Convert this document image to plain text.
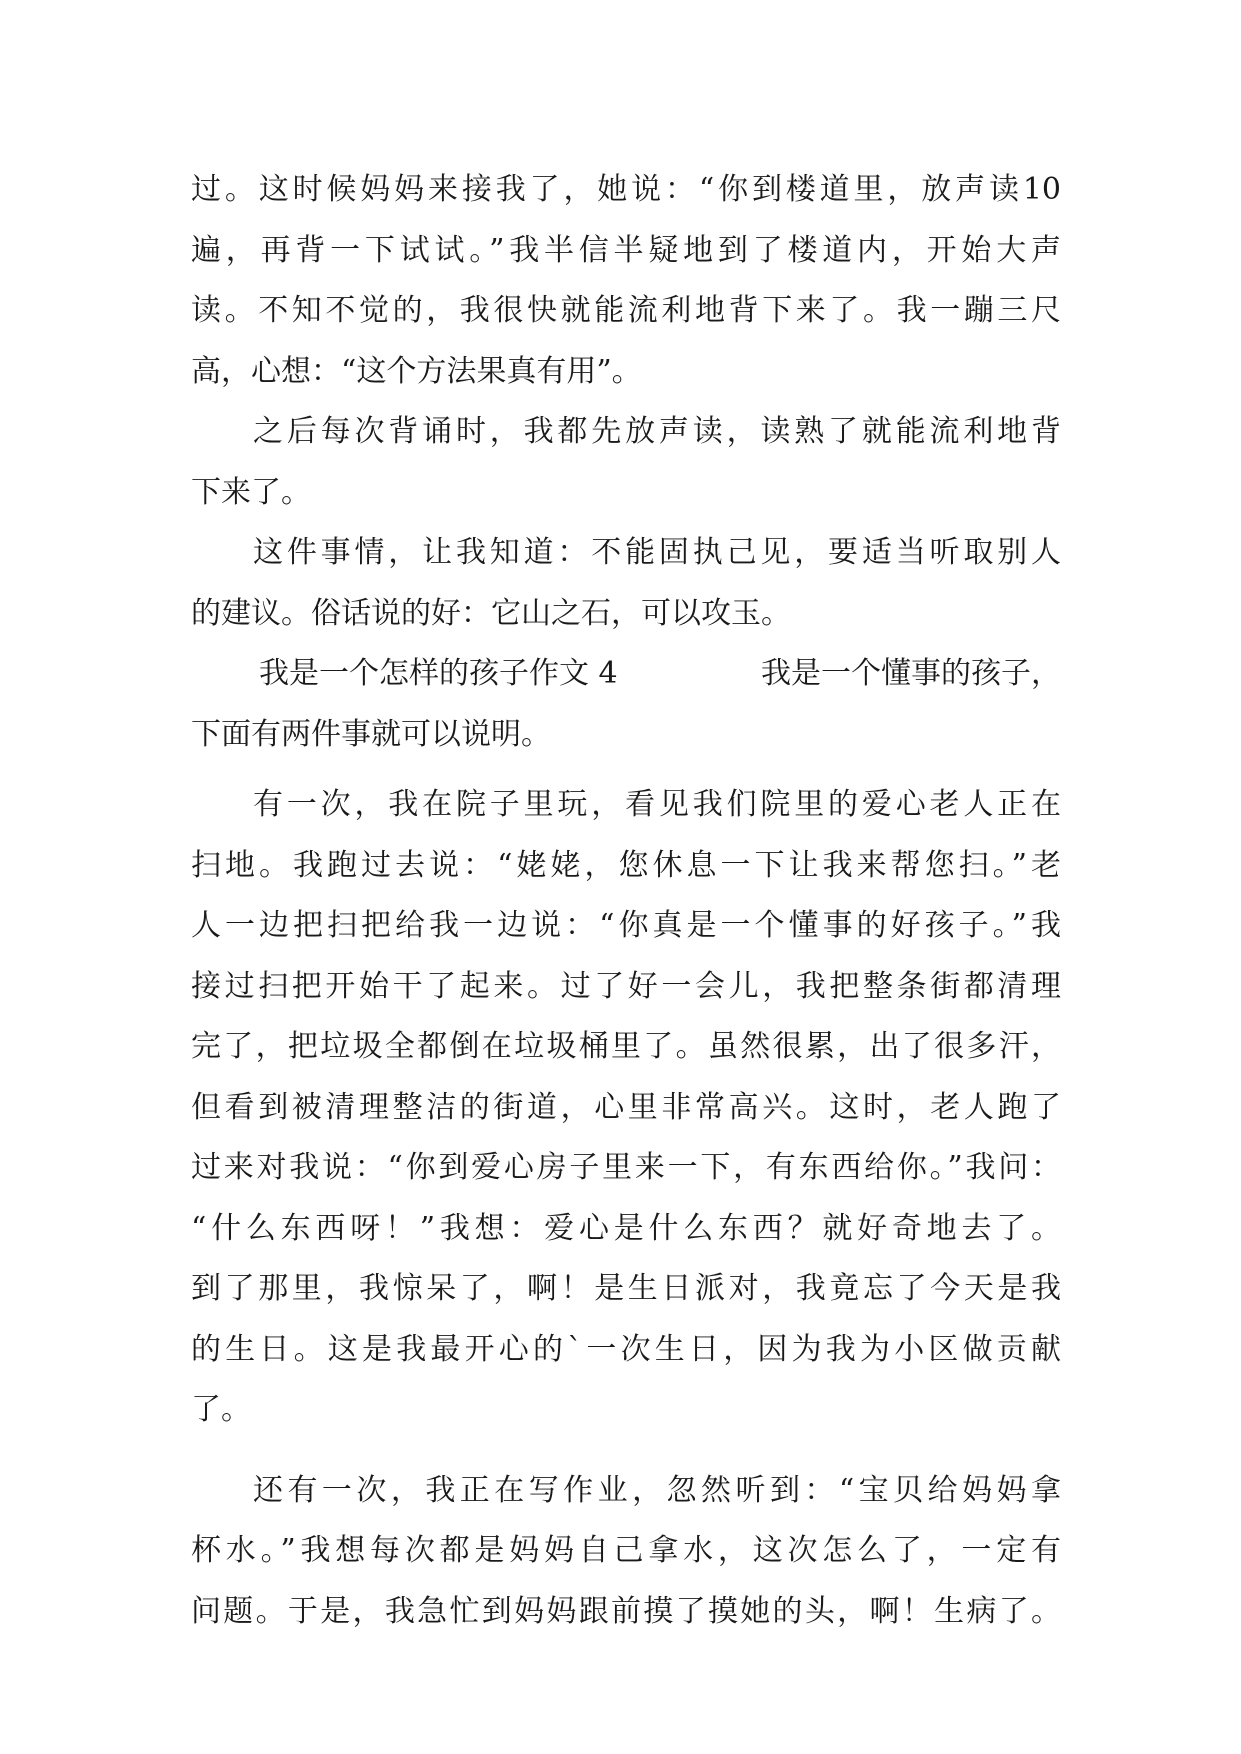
过。这时候妈妈来接我了，她说：“你到楼道里，放声读10
遍，再背一下试试。”我半信半疑地到了楼道内，开始大声
读。不知不觉的，我很快就能流利地背下来了。我一蹦三尺
高，心想：“这个方法果真有用”。
之后每次背诵时，我都先放声读，读熟了就能流利地背
下来了。
这件事情，让我知道：不能固执己见，要适当听取别人
的建议。俗话说的好：它山之石，可以攻玉。
我是一个怎样的孩子作文 4	我是一个懂事的孩子，
下面有两件事就可以说明。
有一次，我在院子里玩，看见我们院里的爱心老人正在
扫地。我跑过去说：“姥姥，您休息一下让我来帮您扫。”老
人一边把扫把给我一边说：“你真是一个懂事的好孩子。”我
接过扫把开始干了起来。过了好一会儿，我把整条街都清理
完了，把垃圾全都倒在垃圾桶里了。虽然很累，出了很多汗，
但看到被清理整洁的街道，心里非常高兴。这时，老人跑了
过来对我说：“你到爱心房子里来一下，有东西给你。”我问：
“什么东西呀！”我想：爱心是什么东西？就好奇地去了。
到了那里，我惊呆了，啊！是生日派对，我竟忘了今天是我
的生日。这是我最开心的`一次生日，因为我为小区做贡献
了。
还有一次，我正在写作业，忽然听到：“宝贝给妈妈拿
杯水。”我想每次都是妈妈自己拿水，这次怎么了，一定有
问题。于是，我急忙到妈妈跟前摸了摸她的头，啊！生病了。
